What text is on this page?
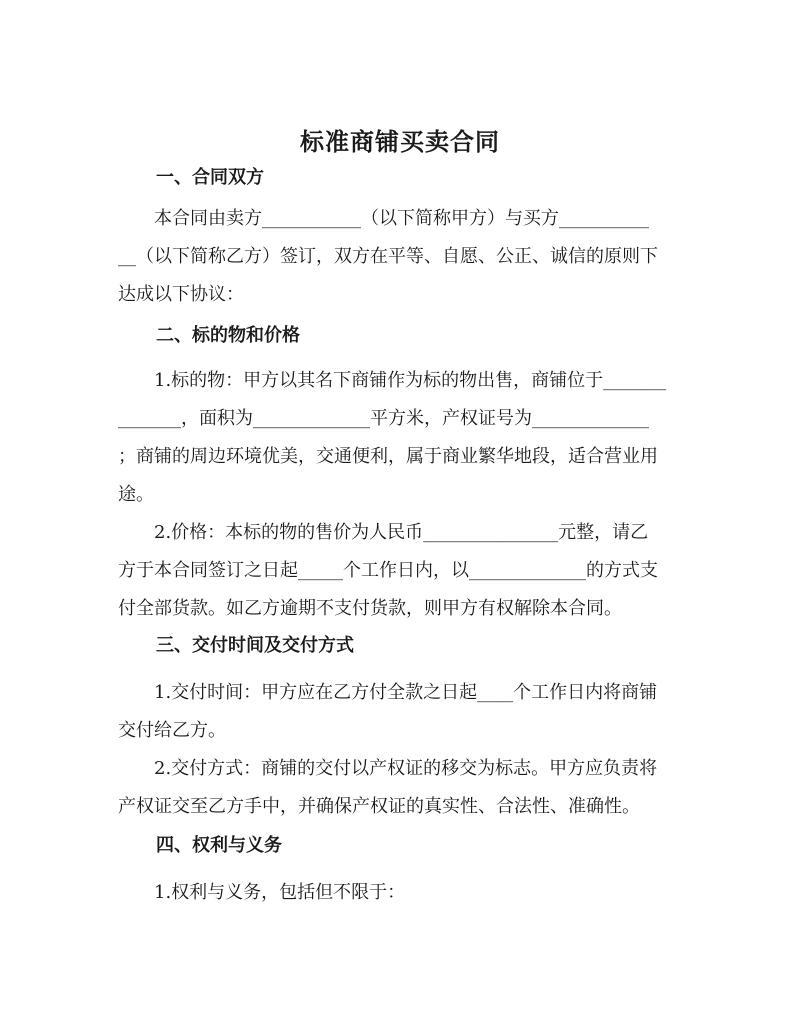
标准商铺买卖合同
一、合同双方
　　本合同由卖方___________（以下简称甲方）与买方__________
__（以下简称乙方）签订，双方在平等、自愿、公正、诚信的原则下
达成以下协议：
二、标的物和价格
　　1.标的物：甲方以其名下商铺作为标的物出售，商铺位于_______
_______，面积为_____________平方米，产权证号为_____________
；商铺的周边环境优美，交通便利，属于商业繁华地段，适合营业用
途。
　　2.价格：本标的物的售价为人民币_______________元整，请乙
方于本合同签订之日起_____个工作日内，以_____________的方式支
付全部货款。如乙方逾期不支付货款，则甲方有权解除本合同。
三、交付时间及交付方式
　　1.交付时间：甲方应在乙方付全款之日起____个工作日内将商铺
交付给乙方。
　　2.交付方式：商铺的交付以产权证的移交为标志。甲方应负责将
产权证交至乙方手中，并确保产权证的真实性、合法性、准确性。
四、权利与义务
　　1.权利与义务，包括但不限于：
